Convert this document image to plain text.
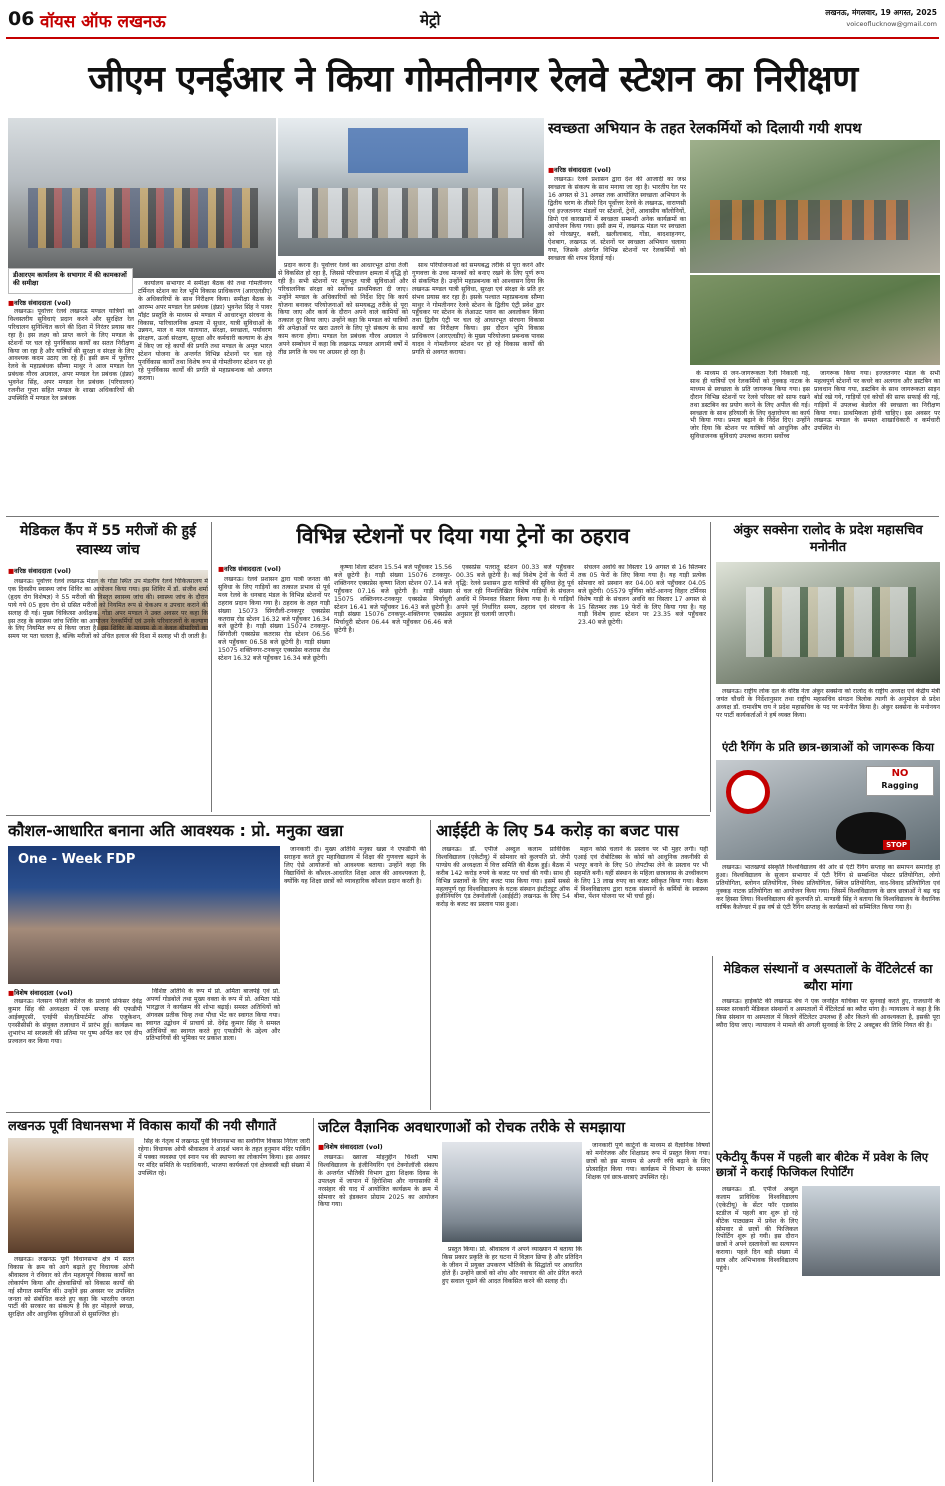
06 वॉयस ऑफ लखनऊ	मेट्रो	लखनऊ, मंगलवार, 19 अगस्त, 2025
voiceoflucknow@gmail.com
जीएम एनईआर ने किया गोमतीनगर रेलवे स्टेशन का निरीक्षण
डीआरएम कार्यालय के सभागार में की कामकाजों की समीक्षा
स्वच्छता अभियान के तहत रेलकर्मियों को दिलायी गयी शपथ
■ वरिष्ठ संवाददाता (vol)

लखनऊ। रेलवे प्रशासन द्वारा देश की आजादी का जश्न स्वच्छता के संकल्प के साथ मनाया जा रहा है। भारतीय रेल पर 16 अगस्त से 31 अगस्त तक आयोजित स्वच्छता अभियान के द्वितीय चरण के तीसरे दिन पूर्वोत्तर रेलवे के लखनऊ, वाराणसी एवं इज्जतनगर मंडलों पर स्टेशनों, ट्रेनों, आवासीय कॉलोनियों, डिपो एवं कारखानों में स्वच्छता सम्बन्धी अनेक कार्यक्रमों का आयोजन किया गया। इसी क्रम में, लखनऊ मंडल पर स्वच्छता को गोरखपुर, बस्ती, खलीलाबाद, गोंडा, बादशाहनगर, ऐशबाग, लखनऊ जं. स्टेशनों पर स्वच्छता अभियान चलाया गया, जिसके अंतर्गत विभिन्न स्टेशनों पर रेलकर्मियों को स्वच्छता की शपथ दिलाई गई।

■ वरिष्ठ संवाददाता (vol)

लखनऊ। पूर्वोत्तर रेलवे लखनऊ मण्डल यात्रियों को विश्वस्तरीय सुविधाएं प्रदान करने और सुरक्षित रेल परिचालन सुनिश्चित करने की दिशा में निरंतर प्रयास कर रहा है। इस लक्ष्य को प्राप्त करने के लिए मण्डल के स्टेशनों पर चल रहे पुनर्विकास कार्यों का सतत निरीक्षण किया जा रहा है और यात्रियों की सुरक्षा व संरक्षा के लिए आवश्यक कदम उठाए जा रहे हैं। इसी क्रम में पूर्वोत्तर रेलवे के महाप्रबंधक सौम्या माथुर ने आज मण्डल रेल प्रबंधक गौरव अग्रवाल, अपर मण्डल रेल प्रबंधक (इंफ्रा) भुवनेश सिंह, अपर मण्डल रेल प्रबंधक (परिचालन) रजनीश गुप्ता सहित मण्डल के शाखा अधिकारियों की उपस्थिति में मण्डल रेल प्रबंधक

कार्यालय सभागार में समीक्षा बैठक की तथा गोमतीनगर टर्मिनल स्टेशन का रेल भूमि विकास प्राधिकरण (आरएलडीए) के अधिकारियों के साथ निरीक्षण किया। समीक्षा बैठक के आरम्भ अपर मण्डल रेल प्रबंधक (इंफ्रा) भुवनेश सिंह ने पावर पॉइंट प्रस्तुति के माध्यम से मण्डल में आधारभूत संरचना के विकास, पारिचालनिक क्षमता में सुधार, यात्री सुविधाओं के उन्नयन, माल व माल यातायात, संरक्षा, स्वच्छता, पर्यावरण संरक्षण, ऊर्जा संरक्षण, सुरक्षा और कर्मचारी कल्याण के क्षेत्र में किए जा रहे कार्यों की प्रगति तथा मण्डल के अमृत भारत स्टेशन योजना के अन्तर्गत विभिन्न स्टेशनों पर चल रहे पुनर्विकास कार्यों तथा विशेष रूप से गोमतीनगर स्टेशन पर हो रहे पुनर्विकास कार्यों की प्रगति से महाप्रबन्धक को अवगत कराया।

प्रदान करना है। पूर्वोत्तर रेलवे का आधारभूत ढांचा तेजी से विकसित हो रहा है, जिससे परिचालन क्षमता में वृद्धि हो रही है। सभी स्टेशनों पर मूलभूत यात्री सुविधाओं और परिचालनिक संरक्षा को सर्वोच्च प्राथमिकता दी जाए। उन्होंने मण्डल के अधिकारियों को निर्देश दिए कि कार्य योजना बनाकर परियोजनाओं को समयबद्ध तरीके से पूरा किया जाए और कार्य के दौरान अपने वाले कामियों को तत्काल दूर किया जाए। उन्होंने कहा कि मण्डल को यात्रियों की अपेक्षाओं पर खरा उतरने के लिए पूरे संकल्प के साथ काम करना होगा। मण्डल रेल प्रबंधक गौरव अग्रवाल ने अपने सम्बोधन में कहा कि लखनऊ मण्डल आगामी वर्षों में तीव्र प्रगति के पथ पर अग्रसर हो रहा है।

साथ परियोजनाओं को समयबद्ध तरीके से पूरा करने और गुणवत्ता के उच्च मानकों को बनाए रखने के लिए पूर्ण रूप से संकल्पित है। उन्होंने महाप्रबन्धक को आश्वासन दिया कि लखनऊ मण्डल यात्री सुविधा, सुरक्षा एवं संरक्षा के प्रति हर संभव प्रयास कर रहा है। इसके पश्चात महाप्रबन्धक सौम्या माथुर ने गोमतीनगर रेलवे स्टेशन के द्वितीय एंट्री प्रवेश द्वार पहुँचकर पर स्टेशन के लेआउट प्लान का अवलोकन किया तथा द्वितीय एंट्री पर चल रहे आधारभूत संरचना विकास कार्यों का निरीक्षण किया। इस दौरान भूमि विकास प्राधिकरण (आरएलडीए) के मुख्य परियोजना प्रबन्धक पावस यादव ने गोमतीनगर स्टेशन पर हो रहे विकास कार्यों की प्रगति से अवगत कराया।

के माध्यम से जन-जागरूकता रैली निकाली गई, साथ ही यात्रियों एवं रेलकर्मियों को नुक्कड़ नाटक के माध्यम से स्वच्छता के प्रति जागरूक किया गया। इस दौरान विभिन्न स्टेशनों पर रेलवे परिसर को साफ रखने तथा डस्टबिन का प्रयोग करने के लिए अपील की गई। स्वच्छता के साथ हरियाली के लिए वृक्षारोपण का कार्य भी किया गया। प्रमता बढ़ाने के निर्देश दिए। उन्होंने जोर दिया कि स्टेशन पर यात्रियों को आधुनिक और सुविधाजनक सुविधाएं उपलब्ध कराना सर्वोच्च

जागरूक किया गया। इज्जतनगर मंडल के सभी महत्वपूर्ण स्टेशनों पर कचरे का अलगाव और डस्टबिन का प्रावधान किया गया, डस्टबिन के साथ जागरूकता साइन बोर्ड रखे गये, गाड़ियों एवं कोचों की साफ सफाई की गई, गाड़ियों में उपलब्ध बेडरोल की स्वच्छता का निरीक्षण किया गया। प्राथमिकता होनी चाहिए। इस अवसर पर लखनऊ मण्डल के समस्त शाखाधिकारी व कर्मचारी उपस्थित थे।

मेडिकल कैंप में 55 मरीजों की हुई स्वास्थ्य जांच
■ वरिष्ठ संवाददाता (vol)

लखनऊ। पूर्वोत्तर रेलवे लखनऊ मंडल के गोंडा स्थित उप मंडलीय रेलवे चिकित्सालय में एक दिवसीय स्वास्थ्य जांच शिविर का आयोजन किया गया। इस शिविर में डॉ. संजीव शर्मा (हृदय रोग विशेषज्ञ) ने 55 मरीजों की विस्तृत स्वास्थ्य जांच की। स्वास्थ्य जांच के दौरान पाये गये 05 हृदय रोग से ग्रसित मरीजों को नियमित रूप से चेकअप व उपचार कराने की सलाह दी गई। मुख्य चिकित्सा अधीक्षक, गोंडा अपर मण्डल ने उक्त अवसर पर कहा कि इस तरह के स्वास्थ्य जांच शिविर का आयोजन रेलकर्मियों एवं उनके परिवारजनों के कल्याण के लिए नियमित रूप से किया जाता है। इस शिविर के माध्यम से न केवल बीमारियों का समय पर पता चलता है, बल्कि मरीजों को उचित इलाज की दिशा में सलाह भी दी जाती है।

विभिन्न स्टेशनों पर दिया गया ट्रेनों का ठहराव
■ वरिष्ठ संवाददाता (vol)

लखनऊ। रेलवे प्रशासन द्वारा यात्री जनता की सुविधा के लिए गाड़ियों का तत्काल प्रभाव से पूर्व मध्य रेलवे के धनबाद मंडल के विभिन्न स्टेशनों पर ठहराव प्रदान किया गया है। ठहराव के तहत गाड़ी संख्या 15073 सिंगरौली-टनकपुर एक्सप्रेस कतरास रोड स्टेशन 16.32 बजे पहुँचकर 16.34 बजे छूटेगी है। गाड़ी संख्या 15074 टनकपुर-सिंगरौली एक्सप्रेस कतरास रोड स्टेशन 06.56 बजे पहुँचकर 06.58 बजे छूटेगी है। गाड़ी संख्या 15075 शक्तिनगर-टनकपुर एक्सप्रेस कतरास रोड स्टेशन 16.32 बजे पहुँचकर 16.34 बजे छूटेगी।

कृष्णा शिला स्टेशन 15.54 बजे पहुँचकर 15.56 बजे छूटेगी है। गाड़ी संख्या 15076 टनकपुर-शक्तिनगर एक्सप्रेस कृष्णा शिला स्टेशन 07.14 बजे पहुँचकर 07.16 बजे छूटेगी है। गाड़ी संख्या 15075 शक्तिनगर-टनकपुर एक्सप्रेस मिर्चाधुरी स्टेशन 16.41 बजे पहुँचकर 16.43 बजे छूटेगी है। गाड़ी संख्या 15076 टनकपुर-शक्तिनगर एक्सप्रेस मिर्चाधुरी स्टेशन 06.44 बजे पहुँचकर 06.46 बजे छूटेगी है।

एक्सप्रेस पतरातू स्टेशन 00.33 बजे पहुँचकर 00.35 बजे छूटेगी है। कई विशेष ट्रेनों के फेरों में वृद्धि: रेलवे प्रशासन द्वारा यात्रियों की सुविधा हेतु पूर्व से चल रही निम्नलिखित विशेष गाड़ियों के संचलन अवधि में निम्नवत विस्तार किया गया है। ये गाड़ियाँ अपने पूर्व निर्धारित समय, ठहराव एवं संरचना के अनुसार ही चलायी जाएगी।

संचलन अवधि का विस्तार 19 अगस्त से 16 सितम्बर तक 05 फेरों के लिए किया गया है। यह गाड़ी प्रत्येक सोमवार को प्रस्थान कर 04.00 बजे पहुँचकर 04.05 बजे छूटेगी। 05579 पूर्णिया कोर्ट-आनन्द विहार टर्मिनस विशेष गाड़ी के संचलन अवधि का विस्तार 17 अगस्त से 15 सितम्बर तक 19 फेरों के लिए किया गया है। यह गाड़ी विशेष हाल्ट स्टेशन पर 23.35 बजे पहुँचकर 23.40 बजे छूटेगी।

अंकुर सक्सेना रालोद के प्रदेश महासचिव मनोनीत

लखनऊ। राष्ट्रीय लोक दल के वरिष्ठ नेता अंकुर सक्सेना को रालोद के राष्ट्रीय अध्यक्ष एवं केंद्रीय मंत्री जयंत चौधरी के निर्देशानुसार तथा राष्ट्रीय महासचिव संगठन त्रिलोक त्यागी के अनुमोदन से प्रदेश अध्यक्ष डॉ. रामाशीष राय ने प्रदेश महासचिव के पद पर मनोनीत किया है। अंकुर सक्सेना के मनोनयन पर पार्टी कार्यकर्ताओं ने हर्ष व्यक्त किया।

एंटी रैगिंग के प्रति छात्र-छात्राओं को जागरूक किया
NO
Ragging
STOP

लखनऊ। भातखण्डे संस्कृति विश्वविद्यालय की ओर से एंटी रैगिंग सप्ताह का समापन समारोह हो हुआ। विश्वविद्यालय के सुजान सभागार में एंटी रैगिंग से सम्बन्धित पोस्टर प्रतियोगिता, लोगो प्रतियोगिता, स्लोगन प्रतियोगिता, निबंध प्रतियोगिता, क्विज प्रतियोगिता, वाद-विवाद प्रतियोगिता एवं नुक्कड़ नाटक प्रतियोगिता का आयोजन किया गया। जिसमें विश्वविद्यालय के छात्र छात्राओं ने बढ़ चढ़ कर हिस्सा लिया। विश्वविद्यालय की कुलपति प्रो. माण्डवी सिंह ने बताया कि विश्वविद्यालय के वैधानिक वार्षिक कैलेण्डर में इस वर्ष से एंटी रैगिंग सप्ताह के कार्यक्रमों को सम्मिलित किया गया है।

कौशल-आधारित बनाना अति आवश्यक : प्रो. मनुका खन्ना
One - Week FDP
■ विशेष संवाददाता (vol)

लखनऊ। नेलसन फीजी कॉलेज के प्राचार्य प्रोफेसर देवेंद्र कुमार सिंह की अध्यक्षता में एक सप्ताह की एफडीपी आईक्यूएसी, एनईपी सेल/डिपार्टमेंट ऑफ एजुकेशन, एनसीसीसी के संयुक्त तत्वाधान में प्रारंभ हुई। कार्यक्रम का शुभारंभ मां सरस्वती की प्रतिमा पर पुष्प अर्पित कर एवं दीप प्रज्वलन कर किया गया।

विशिष्ट अतिथि के रूप में प्रो. अमिता बाजपेई एवं प्रो. अपर्णा गोडबोले तथा मुख्य वक्ता के रूप में प्रो. अमिता पांडे भारद्वाज ने कार्यक्रम की शोभा बढ़ाई। समस्त अतिथियों को अंगवस्त्र प्रतीक चिन्ह तथा पौधा भेंट कर स्वागत किया गया। स्वागत उद्बोधन में प्राचार्य प्रो. देवेंद्र कुमार सिंह ने समस्त अतिथियों का स्वागत करते हुए एफडीपी के उद्देश्य और प्रतिभागियों की भूमिका पर प्रकाश डाला।

जानकारी दी। मुख्य अतिथि मनुका खन्ना ने एफडीपी की सराहना करते हुए महाविद्यालय में शिक्षा की गुणवत्ता बढ़ाने के लिए ऐसे आयोजनों को आवश्यक बताया। उन्होंने कहा कि विद्यार्थियों के कौशल-आधारित शिक्षा आज की आवश्यकता है, क्योंकि यह शिक्षा छात्रों को व्यावहारिक कौशल प्रदान करती है।

आईईटी के लिए 54 करोड़ का बजट पास

लखनऊ। डॉ. एपीजे अब्दुल कलाम प्राविधिक विश्वविद्यालय (एकेटीयू) में सोमवार को कुलपति प्रो. जेपी पाण्डेय की अध्यक्षता में वित्त समिति की बैठक हुई। बैठक में करीब 142 करोड़ रुपये के बजट पर चर्चा की गयी। साथ ही विभिन्न प्रस्तावों के लिए बजट पास किया गया। इसमें सबसे महत्वपूर्ण रहा विश्वविद्यालय के घटक संस्थान इंस्टीट्यूट ऑफ इंजीनियरिंग एंड टेक्नोलॉजी (आईईटी) लखनऊ के लिए 54 करोड़ के बजट का प्रस्ताव पास हुआ।

महान कोर्स चलाने के प्रस्ताव पर भी मुहर लगी। यहीं एआई एवं रोबोटिक्स के कोर्स को आधुनिक तकनीकी से भरपूर बनाने के लिए 50 लेपटॉप्स लेने के प्रस्ताव पर भी सहमति बनी। यहीं संस्थान के महिला छात्रावास के उच्चीकरण के लिए 13 लाख रुपए का बजट स्वीकृत किया गया। बैठक में विश्वविद्यालय द्वारा घटक संस्थानों के कर्मियों के स्वास्थ्य बीमा, पेंशन योजना पर भी चर्चा हुई।

मेडिकल संस्थानों व अस्पतालों के वेंटिलेटर्स का ब्यौरा मांगा

लखनऊ। हाईकोर्ट की लखनऊ बेंच ने एक जनहित याचिका पर सुनवाई करते हुए, राजधानी के समस्त सरकारी मेडिकल संस्थानों व अस्पतालों में वेंटिलेटर्स का ब्यौरा मांगा है। न्यायालय ने कहा है कि किस संस्थान या अस्पताल में कितने वेंटिलेटर उपलब्ध हैं और कितने की आवश्यकता है, इसकी पूरा ब्यौरा दिया जाए। न्यायालय ने मामले की अगली सुनवाई के लिए 2 अक्टूबर की तिथि नियत की है।

एकेटीयू कैंपस में पहली बार बीटेक में प्रवेश के लिए छात्रों ने कराई फिजिकल रिपोर्टिंग

लखनऊ। डॉ. एपीजे अब्दुल कलाम प्राविधिक विश्वविद्यालय (एकेटीयू) के सेंटर फॉर एडवांस स्टडीज में पहली बार शुरू हो रहे बीटेक पाठ्यक्रम में प्रवेश के लिए सोमवार से छात्रों की फिजिकल रिपोर्टिंग शुरू हो गयी। इस दौरान छात्रों ने अपने दस्तावेजों का सत्यापन कराया। पहले दिन बड़ी संख्या में छात्र और अभिभावक विश्वविद्यालय पहुंचे।

लखनऊ पूर्वी विधानसभा में विकास कार्यों की नयी सौगातें

लखनऊ। लखनऊ पूर्वी विधानसभा क्षेत्र में सतत विकास के क्रम को आगे बढ़ाते हुए विधायक ओपी श्रीवास्तव ने रविवार को तीन महत्वपूर्ण विकास कार्यों का लोकार्पण किया और क्षेत्रवासियों को विकास कार्यों की नई सौगात समर्पित कीं। उन्होंने इस अवसर पर उपस्थित जनता को संबोधित करते हुए कहा कि भारतीय जनता पार्टी की सरकार का संकल्प है कि हर मोहल्ले स्वच्छ, सुरक्षित और आधुनिक सुविधाओं से सुसज्जित हो।

सिंह के नेतृत्व में लखनऊ पूर्वी विधानसभा का सर्वांगीण विकास निरंतर जारी रहेगा। विधायक ओपी श्रीवास्तव ने आदर्श भवन के तहत हनुमान मंदिर पार्किंग में पक्का व्यवस्था एवं स्नान पथ की स्थापना का लोकार्पण किया। इस अवसर पर मंदिर समिति के पदाधिकारी, भाजपा कार्यकर्ता एवं क्षेत्रवासी बड़ी संख्या में उपस्थित रहे।

जटिल वैज्ञानिक अवधारणाओं को रोचक तरीके से समझाया
■ विशेष संवाददाता (vol)

लखनऊ। ख्वाजा मोइनुद्दीन चिश्ती भाषा विश्वविद्यालय के इंजीनियरिंग एवं टेक्नोलॉजी संकाय के अन्तर्गत भौतिकी विभाग द्वारा शिक्षक दिवस के उपलक्ष्य में जापान में हिरोशिमा और नागासाकी में नरसंहार की याद में आयोजित कार्यक्रम के क्रम में सोमवार को इंडक्शन प्रोग्राम 2025 का आयोजन किया गया।

प्रस्तुत किया। प्रो. श्रीवास्तव ने अपने व्याख्यान में बताया कि किस प्रकार प्रकृति के हर घटना में विज्ञान छिपा है और प्रतिदिन के जीवन में प्रयुक्त उपकरण भौतिकी के सिद्धांतों पर आधारित होते हैं। उन्होंने छात्रों को शोध और नवाचार की ओर प्रेरित करते हुए सवाल पूछने की आदत विकसित करने की सलाह दी।

जानकारी पूर्ण कार्टूनों के माध्यम से वैज्ञानिक विषयों को मनोरंजक और शिक्षाप्रद रूप में प्रस्तुत किया गया। छात्रों को इस माध्यम से अपनी रुचि बढ़ाने के लिए प्रोत्साहित किया गया। कार्यक्रम में विभाग के समस्त शिक्षक एवं छात्र-छात्राएं उपस्थित रहे।
